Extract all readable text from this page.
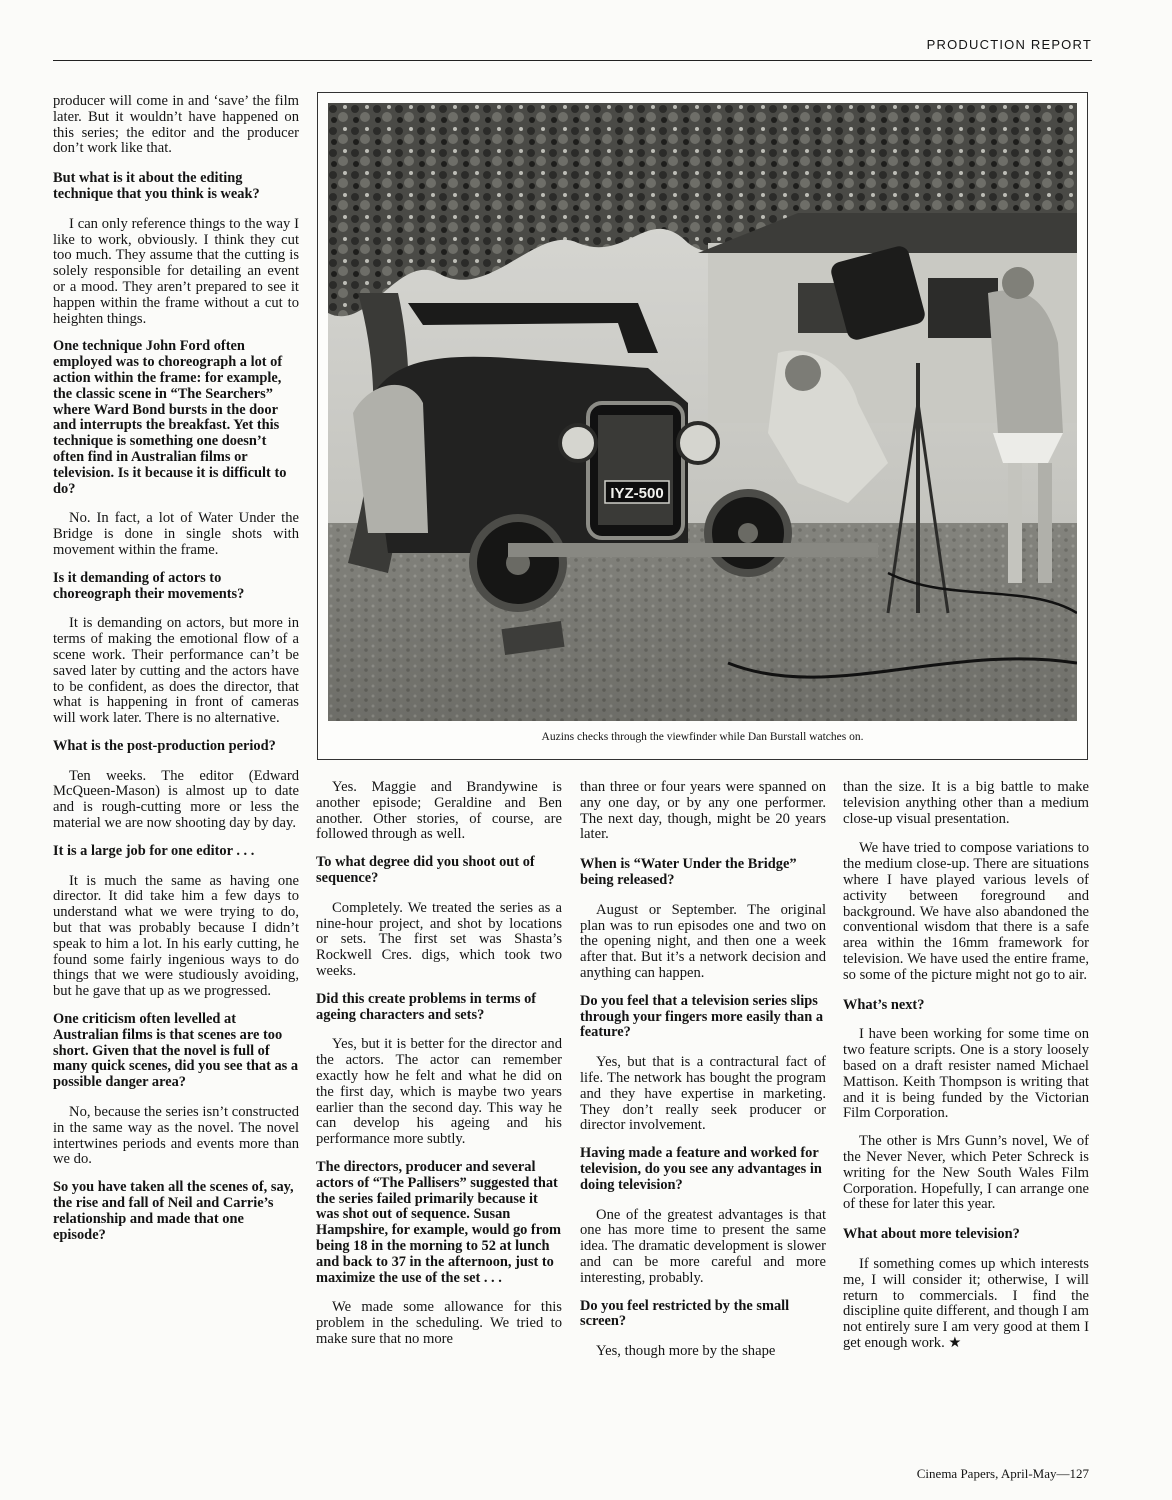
PRODUCTION REPORT

producer will come in and ‘save’ the film later. But it wouldn’t have happened on this series; the editor and the producer don’t work like that.

But what is it about the editing technique that you think is weak?

I can only reference things to the way I like to work, obviously. I think they cut too much. They assume that the cutting is solely responsible for detailing an event or a mood. They aren’t prepared to see it happen within the frame without a cut to heighten things.

One technique John Ford often employed was to choreograph a lot of action within the frame: for example, the classic scene in “The Searchers” where Ward Bond bursts in the door and interrupts the breakfast. Yet this technique is something one doesn’t often find in Australian films or television. Is it because it is difficult to do?

No. In fact, a lot of Water Under the Bridge is done in single shots with movement within the frame.

Is it demanding of actors to choreograph their movements?

It is demanding on actors, but more in terms of making the emotional flow of a scene work. Their performance can’t be saved later by cutting and the actors have to be confident, as does the director, that what is happening in front of cameras will work later. There is no alternative.

What is the post-production period?

Ten weeks. The editor (Edward McQueen-Mason) is almost up to date and is rough-cutting more or less the material we are now shooting day by day.

It is a large job for one editor . . .

It is much the same as having one director. It did take him a few days to understand what we were trying to do, but that was probably because I didn’t speak to him a lot. In his early cutting, he found some fairly ingenious ways to do things that we were studiously avoiding, but he gave that up as we progressed.

One criticism often levelled at Australian films is that scenes are too short. Given that the novel is full of many quick scenes, did you see that as a possible danger area?

No, because the series isn’t constructed in the same way as the novel. The novel intertwines periods and events more than we do.

So you have taken all the scenes of, say, the rise and fall of Neil and Carrie’s relationship and made that one episode?

IYZ-500
Auzins checks through the viewfinder while Dan Burstall watches on.

Yes. Maggie and Brandywine is another episode; Geraldine and Ben another. Other stories, of course, are followed through as well.

To what degree did you shoot out of sequence?

Completely. We treated the series as a nine-hour project, and shot by locations or sets. The first set was Shasta’s Rockwell Cres. digs, which took two weeks.

Did this create problems in terms of ageing characters and sets?

Yes, but it is better for the director and the actors. The actor can remember exactly how he felt and what he did on the first day, which is maybe two years earlier than the second day. This way he can develop his ageing and his performance more subtly.

The directors, producer and several actors of “The Pallisers” suggested that the series failed primarily because it was shot out of sequence. Susan Hampshire, for example, would go from being 18 in the morning to 52 at lunch and back to 37 in the afternoon, just to maximize the use of the set . . .

We made some allowance for this problem in the scheduling. We tried to make sure that no more

than three or four years were spanned on any one day, or by any one performer. The next day, though, might be 20 years later.

When is “Water Under the Bridge” being released?

August or September. The original plan was to run episodes one and two on the opening night, and then one a week after that. But it’s a network decision and anything can happen.

Do you feel that a television series slips through your fingers more easily than a feature?

Yes, but that is a contractural fact of life. The network has bought the program and they have expertise in marketing. They don’t really seek producer or director involvement.

Having made a feature and worked for television, do you see any advantages in doing television?

One of the greatest advantages is that one has more time to present the same idea. The dramatic development is slower and can be more careful and more interesting, probably.

Do you feel restricted by the small screen?

Yes, though more by the shape

than the size. It is a big battle to make television anything other than a medium close-up visual presentation.

We have tried to compose variations to the medium close-up. There are situations where I have played various levels of activity between foreground and background. We have also abandoned the conventional wisdom that there is a safe area within the 16mm framework for television. We have used the entire frame, so some of the picture might not go to air.

What’s next?

I have been working for some time on two feature scripts. One is a story loosely based on a draft resister named Michael Mattison. Keith Thompson is writing that and it is being funded by the Victorian Film Corporation.

The other is Mrs Gunn’s novel, We of the Never Never, which Peter Schreck is writing for the New South Wales Film Corporation. Hopefully, I can arrange one of these for later this year.

What about more television?

If something comes up which interests me, I will consider it; otherwise, I will return to commercials. I find the discipline quite different, and though I am not entirely sure I am very good at them I get enough work. ★

Cinema Papers, April-May—127
